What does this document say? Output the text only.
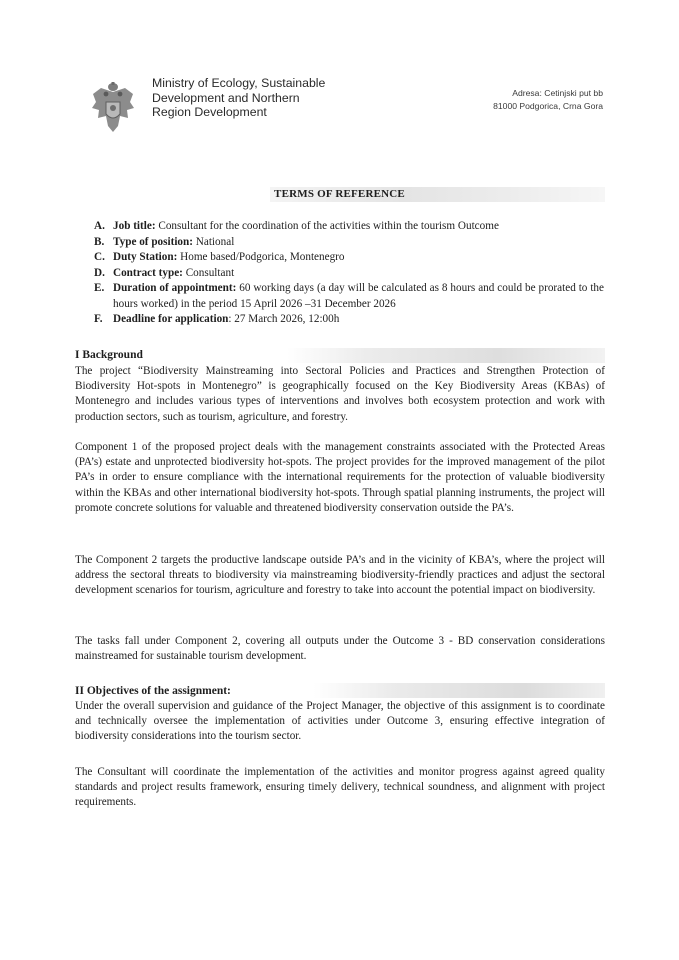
Ministry of Ecology, Sustainable
Development and Northern
Region Development
Adresa: Cetinjski put bb
81000 Podgorica, Crna Gora
TERMS OF REFERENCE
A. Job title: Consultant for the coordination of the activities within the tourism Outcome
B. Type of position: National
C. Duty Station: Home based/Podgorica, Montenegro
D. Contract type: Consultant
E. Duration of appointment: 60 working days (a day will be calculated as 8 hours and could be prorated to the hours worked) in the period 15 April 2026 –31 December 2026
F. Deadline for application: 27 March 2026, 12:00h
I Background

The project “Biodiversity Mainstreaming into Sectoral Policies and Practices and Strengthen Protection of Biodiversity Hot-spots in Montenegro” is geographically focused on the Key Biodiversity Areas (KBAs) of Montenegro and includes various types of interventions and involves both ecosystem protection and work with production sectors, such as tourism, agriculture, and forestry.

Component 1 of the proposed project deals with the management constraints associated with the Protected Areas (PA’s) estate and unprotected biodiversity hot-spots. The project provides for the improved management of the pilot PA’s in order to ensure compliance with the international requirements for the protection of valuable biodiversity within the KBAs and other international biodiversity hot-spots. Through spatial planning instruments, the project will promote concrete solutions for valuable and threatened biodiversity conservation outside the PA’s.

The Component 2 targets the productive landscape outside PA’s and in the vicinity of KBA’s, where the project will address the sectoral threats to biodiversity via mainstreaming biodiversity-friendly practices and adjust the sectoral development scenarios for tourism, agriculture and forestry to take into account the potential impact on biodiversity.

The tasks fall under Component 2, covering all outputs under the Outcome 3 - BD conservation considerations mainstreamed for sustainable tourism development.

II Objectives of the assignment:

Under the overall supervision and guidance of the Project Manager, the objective of this assignment is to coordinate and technically oversee the implementation of activities under Outcome 3, ensuring effective integration of biodiversity considerations into the tourism sector.

The Consultant will coordinate the implementation of the activities and monitor progress against agreed quality standards and project results framework, ensuring timely delivery, technical soundness, and alignment with project requirements.
